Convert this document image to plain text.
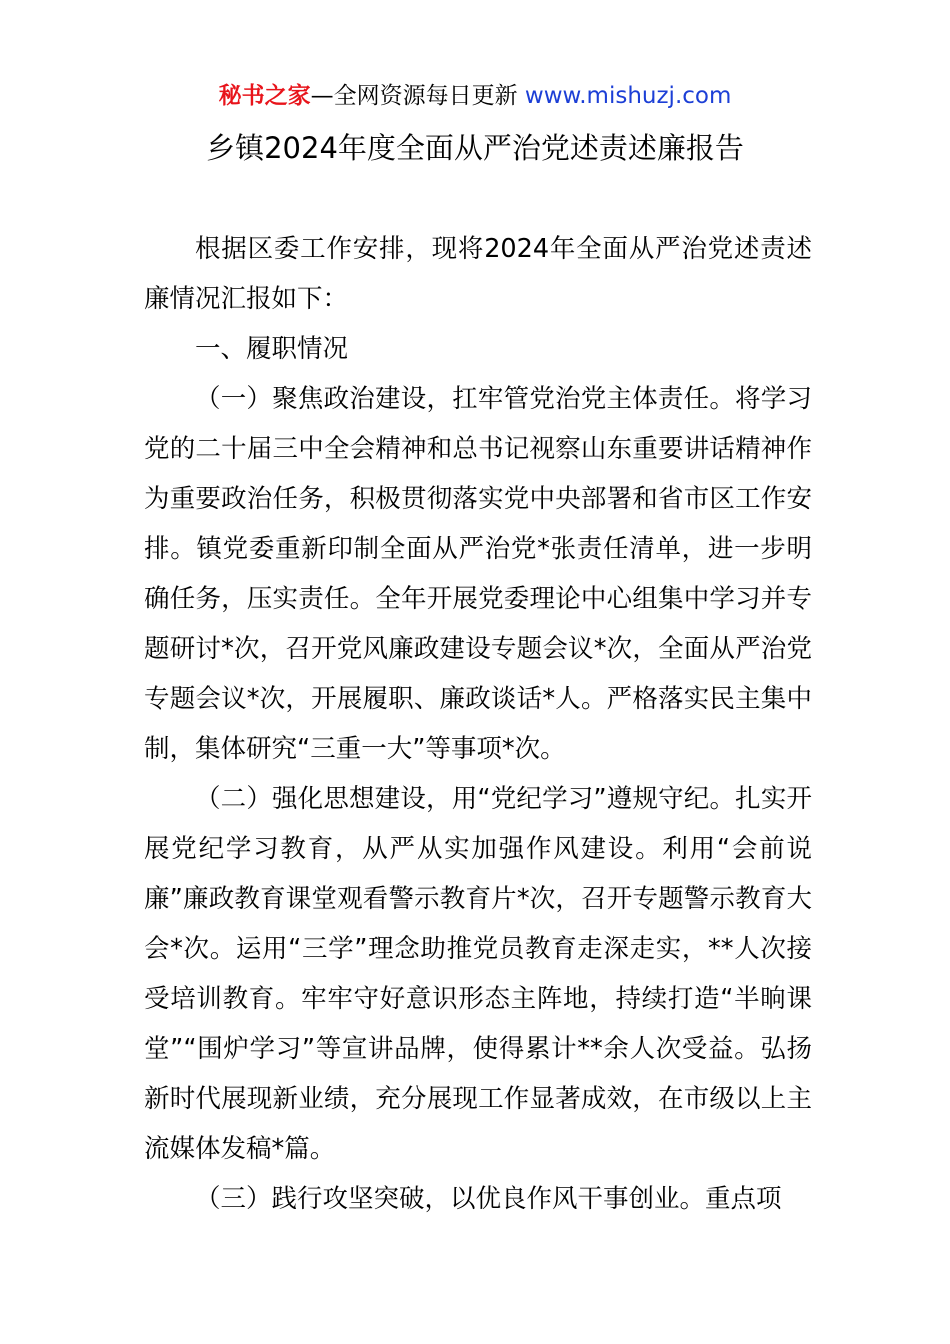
秘书之家—全网资源每日更新 www.mishuzj.com
乡镇2024年度全面从严治党述责述廉报告

根据区委工作安排，现将2024年全面从严治党述责述廉情况汇报如下：

一、履职情况

（一）聚焦政治建设，扛牢管党治党主体责任。将学习党的二十届三中全会精神和总书记视察山东重要讲话精神作为重要政治任务，积极贯彻落实党中央部署和省市区工作安排。镇党委重新印制全面从严治党*张责任清单，进一步明确任务，压实责任。全年开展党委理论中心组集中学习并专题研讨*次，召开党风廉政建设专题会议*次，全面从严治党专题会议*次，开展履职、廉政谈话*人。严格落实民主集中制，集体研究“三重一大”等事项*次。

（二）强化思想建设，用“党纪学习”遵规守纪。扎实开展党纪学习教育，从严从实加强作风建设。利用“会前说廉”廉政教育课堂观看警示教育片*次，召开专题警示教育大会*次。运用“三学”理念助推党员教育走深走实，**人次接受培训教育。牢牢守好意识形态主阵地，持续打造“半晌课堂”“围炉学习”等宣讲品牌，使得累计**余人次受益。弘扬新时代展现新业绩，充分展现工作显著成效，在市级以上主流媒体发稿*篇。

（三）践行攻坚突破，以优良作风干事创业。重点项
